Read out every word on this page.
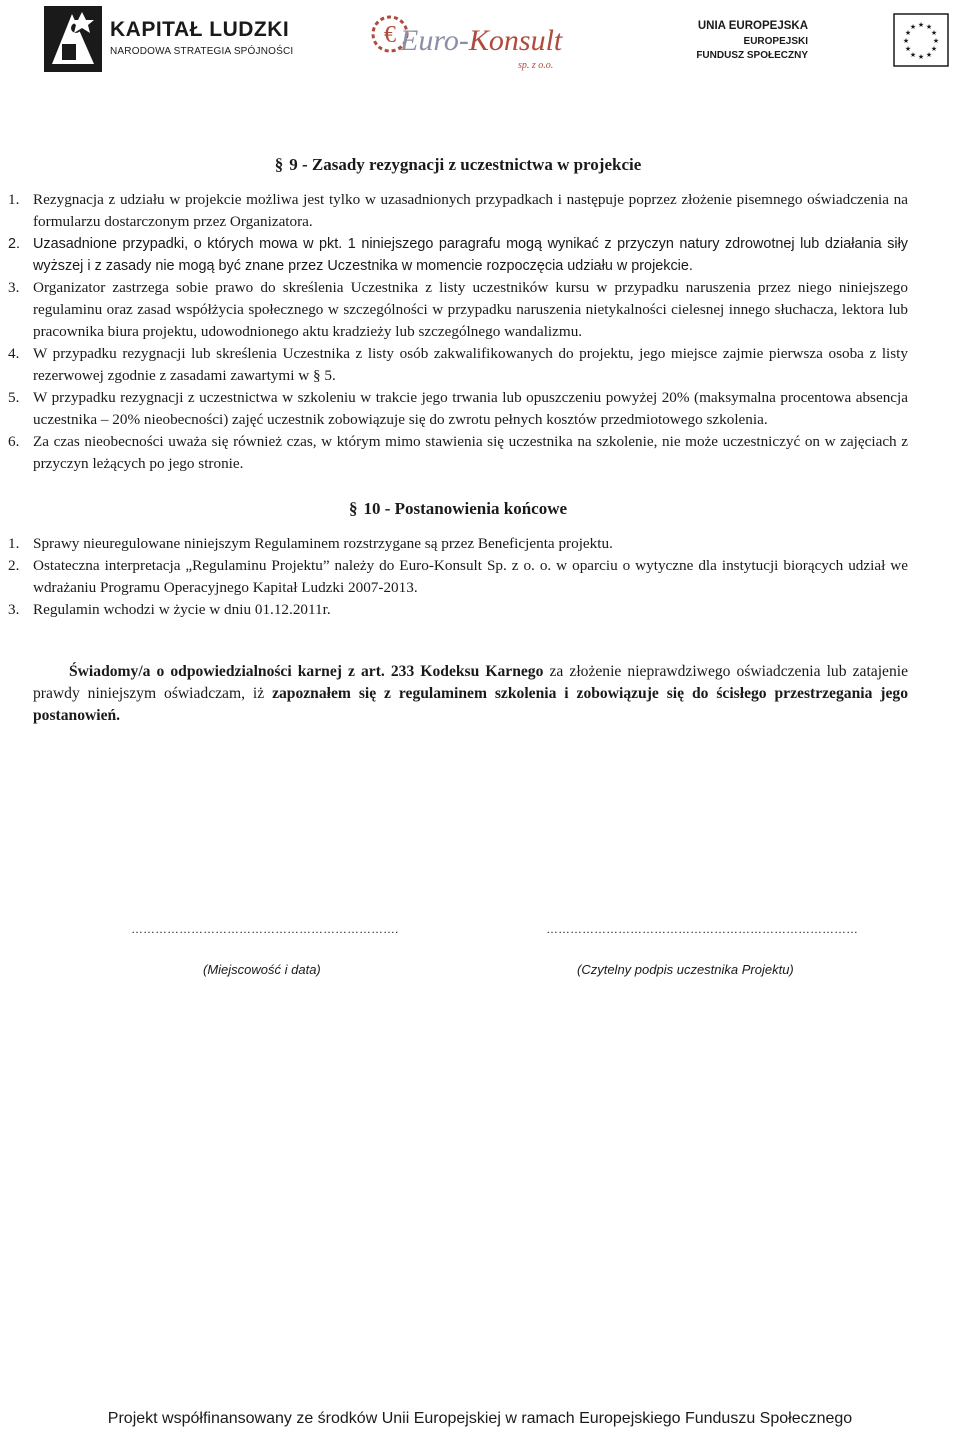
KAPITAŁ LUDZKI
NARODOWA STRATEGIA SPÓJNOŚCI
€ Euro-Konsult
sp. z o.o.
UNIA EUROPEJSKA
EUROPEJSKI
FUNDUSZ SPOŁECZNY
★ ★
★
★
★
★
★
★
★
★
★
★
§ 9 - Zasady rezygnacji z uczestnictwa w projekcie
1. Rezygnacja z udziału w projekcie możliwa jest tylko w uzasadnionych przypadkach i następuje poprzez złożenie pisemnego oświadczenia na formularzu dostarczonym przez Organizatora.
2. Uzasadnione przypadki, o których mowa w pkt. 1 niniejszego paragrafu mogą wynikać z przyczyn natury zdrowotnej lub działania siły wyższej i z zasady nie mogą być znane przez Uczestnika w momencie rozpoczęcia udziału w projekcie.
3. Organizator zastrzega sobie prawo do skreślenia Uczestnika z listy uczestników kursu w przypadku naruszenia przez niego niniejszego regulaminu oraz zasad współżycia społecznego w szczególności w przypadku naruszenia nietykalności cielesnej innego słuchacza, lektora lub pracownika biura projektu, udowodnionego aktu kradzieży lub szczególnego wandalizmu.
4. W przypadku rezygnacji lub skreślenia Uczestnika z listy osób zakwalifikowanych do projektu, jego miejsce zajmie pierwsza osoba z listy rezerwowej zgodnie z zasadami zawartymi w § 5.
5. W przypadku rezygnacji z uczestnictwa w szkoleniu w trakcie jego trwania lub opuszczeniu powyżej 20% (maksymalna procentowa absencja uczestnika – 20% nieobecności) zajęć uczestnik zobowiązuje się do zwrotu pełnych kosztów przedmiotowego szkolenia.
6. Za czas nieobecności uważa się również czas, w którym mimo stawienia się uczestnika na szkolenie, nie może uczestniczyć on w zajęciach z przyczyn leżących po jego stronie.
§ 10 - Postanowienia końcowe
1. Sprawy nieuregulowane niniejszym Regulaminem rozstrzygane są przez Beneficjenta projektu.
2. Ostateczna interpretacja „Regulaminu Projektu” należy do Euro-Konsult Sp. z o. o. w oparciu o wytyczne dla instytucji biorących udział we wdrażaniu Programu Operacyjnego Kapitał Ludzki 2007-2013.
3. Regulamin wchodzi w życie w dniu 01.12.2011r.

Świadomy/a o odpowiedzialności karnej z art. 233 Kodeksu Karnego za złożenie nieprawdziwego oświadczenia lub zatajenie prawdy niniejszym oświadczam, iż zapoznałem się z regulaminem szkolenia i zobowiązuje się do ścisłego przestrzegania jego postanowień.

………………………………………………………….
(Miejscowość i data)
……………………………………………………………………
(Czytelny podpis uczestnika Projektu)
Projekt współfinansowany ze środków Unii Europejskiej w ramach Europejskiego Funduszu Społecznego
